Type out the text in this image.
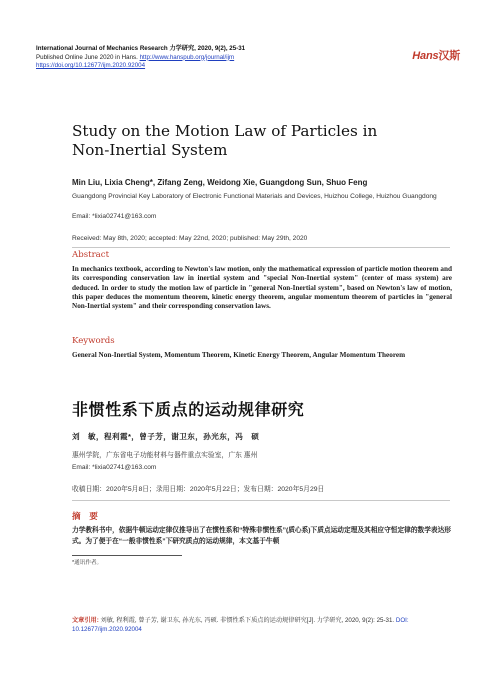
International Journal of Mechanics Research 力学研究, 2020, 9(2), 25-31
Published Online June 2020 in Hans. http://www.hanspub.org/journal/ijm
https://doi.org/10.12677/ijm.2020.92004
Hans汉斯
Study on the Motion Law of Particles in
Non-Inertial System
Min Liu, Lixia Cheng*, Zifang Zeng, Weidong Xie, Guangdong Sun, Shuo Feng
Guangdong Provincial Key Laboratory of Electronic Functional Materials and Devices, Huizhou College, Huizhou Guangdong
Email: *lixia02741@163.com
Received: May 8th, 2020; accepted: May 22nd, 2020; published: May 29th, 2020
Abstract
In mechanics textbook, according to Newton's law motion, only the mathematical expression of particle motion theorem and its corresponding conservation law in inertial system and "special Non-Inertial system" (center of mass system) are deduced. In order to study the motion law of particle in "general Non-Inertial system", based on Newton's law of motion, this paper deduces the momentum theorem, kinetic energy theorem, angular momentum theorem of particles in "general Non-Inertial system" and their corresponding conservation laws.
Keywords
General Non-Inertial System, Momentum Theorem, Kinetic Energy Theorem, Angular Momentum Theorem
非惯性系下质点的运动规律研究
刘　敏，程利霞*，曾子芳，谢卫东，孙光东，冯　硕
惠州学院，广东省电子功能材料与器件重点实验室，广东 惠州
Email: *lixia02741@163.com
收稿日期：2020年5月8日；录用日期：2020年5月22日；发布日期：2020年5月29日
摘　要
力学教科书中，依据牛顿运动定律仅推导出了在惯性系和“特殊非惯性系”(质心系)下质点运动定理及其相应守恒定律的数学表达形式。为了便于在“一般非惯性系”下研究质点的运动规律，本文基于牛顿
*通讯作者。
文章引用: 刘敏, 程利霞, 曾子芳, 谢卫东, 孙光东, 冯硕. 非惯性系下质点的运动规律研究[J]. 力学研究, 2020, 9(2): 25-31. DOI: 10.12677/ijm.2020.92004
